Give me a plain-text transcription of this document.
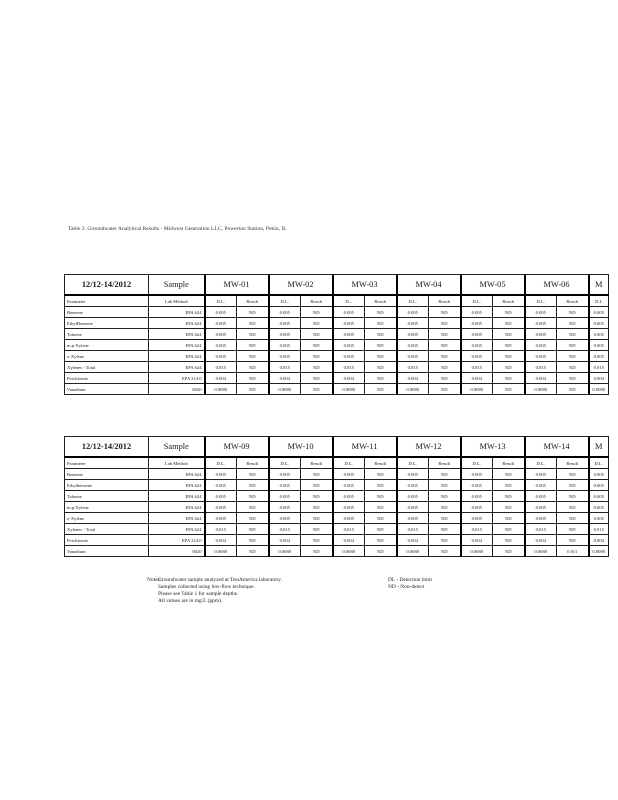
Table 2. Groundwater Analytical Results - Midwest Generation LLC, Powerton Station, Pekin, IL
12/12-14/2012	Sample	MW-01		MW-02		MW-03		MW-04		MW-05		MW-06		M
Parameter	Lab Method	D.L.	Result	D.L.	Result	D...	Result	D.L.	Result	D.L.	Result	D.L.	Result	D.L
Benzene	EPA 624	0.005	ND	0.005	ND	0.005	ND	0.005	ND	0.005	ND	0.005	ND	0.005
EthylBenzene	EPA 624	0.005	ND	0.005	ND	0.005	ND	0.005	ND	0.005	ND	0.005	ND	0.005
Toluene	EPA 624	0.005	ND	0.005	ND	0.005	ND	0.005	ND	0.005	ND	0.005	ND	0.005
m,p-Xylene	EPA 624	0.005	ND	0.005	ND	0.005	ND	0.005	ND	0.005	ND	0.005	ND	0.005
o-Xylene	EPA 624	0.005	ND	0.005	ND	0.005	ND	0.005	ND	0.005	ND	0.005	ND	0.005
Xylenes - Total	EPA 624	0.015	ND	0.015	ND	0.015	ND	0.015	ND	0.015	ND	0.015	ND	0.015
Perchlorate	EPA 314.0	0.004	ND	0.004	ND	0.004	ND	0.004	ND	0.004	ND	0.004	ND	0.004
Vanadium	6020	0.0080	ND	0.0080	ND	0.0080	ND	0.0080	ND	0.0080	ND	0.0080	ND	0.0080
12/12-14/2012	Sample	MW-09		MW-10		MW-11		MW-12		MW-13		MW-14		M
Parameter	Lab Method	D.L.	Result	D.L.	Result	D.L.	Result	D.L.	Result	D.L.	Result	D.L.	Result	D.L.
Benzene	EPA 624	0.005	ND	0.005	ND	0.005	ND	0.005	ND	0.005	ND	0.005	ND	0.005
Ethylbenzene	EPA 624	0.005	ND	0.005	ND	0.005	ND	0.005	ND	0.005	ND	0.005	ND	0.005
Toluene	EPA 624	0.005	ND	0.005	ND	0.005	ND	0.005	ND	0.005	ND	0.005	ND	0.005
m,p-Xylene	EPA 624	0.005	ND	0.005	ND	0.005	ND	0.005	ND	0.005	ND	0.005	ND	0.005
o-Xylene	EPA 624	0.005	ND	0.005	ND	0.005	ND	0.005	ND	0.005	ND	0.005	ND	0.005
Xylenes - Total	EPA 624	0.015	ND	0.015	ND	0.015	ND	0.015	ND	0.015	ND	0.015	ND	0.015
Perchlorate	EPA 314.0	0.004	ND	0.004	ND	0.004	ND	0.004	ND	0.004	ND	0.004	ND	0.004
Vanadium	6020	0.0080	ND	0.0080	ND	0.0080	ND	0.0080	ND	0.0080	ND	0.0080	0.011	0.0080
Notes:
Groundwater sample analyzed at TestAmerica laboratory.
Samples collected using low-flow technique.
Please see Table 1 for sample depths.
All values are in mg/L (ppm).
DL - Detection limit
ND - Non-detect
